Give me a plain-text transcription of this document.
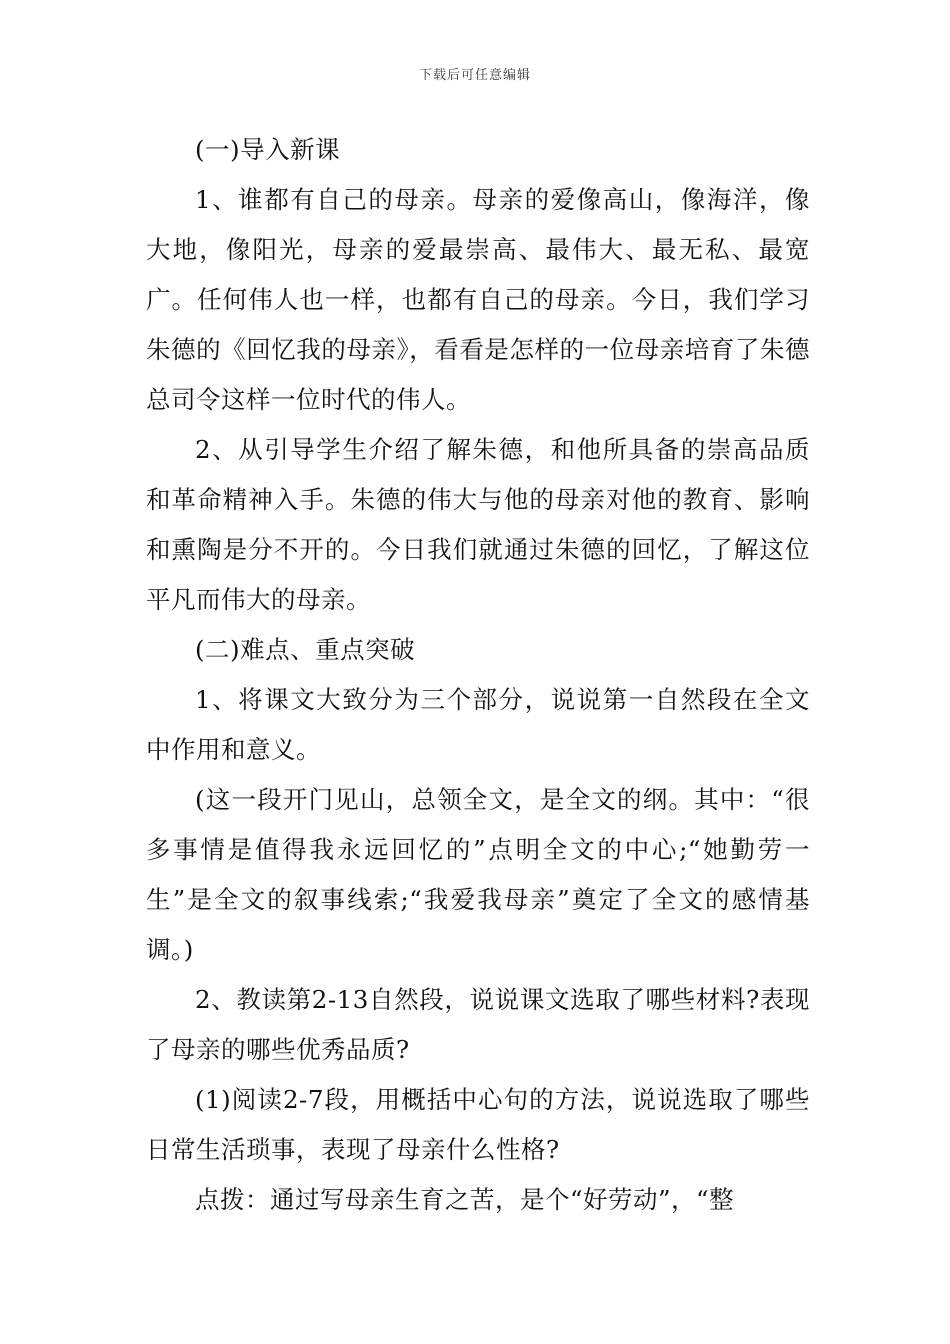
下载后可任意编辑

(一)导入新课

1、谁都有自己的母亲。母亲的爱像高山，像海洋，像大地，像阳光，母亲的爱最崇高、最伟大、最无私、最宽广。任何伟人也一样，也都有自己的母亲。今日，我们学习朱德的《回忆我的母亲》，看看是怎样的一位母亲培育了朱德总司令这样一位时代的伟人。

2、从引导学生介绍了解朱德，和他所具备的崇高品质和革命精神入手。朱德的伟大与他的母亲对他的教育、影响和熏陶是分不开的。今日我们就通过朱德的回忆，了解这位平凡而伟大的母亲。

(二)难点、重点突破

1、将课文大致分为三个部分，说说第一自然段在全文中作用和意义。

(这一段开门见山，总领全文，是全文的纲。其中：“很多事情是值得我永远回忆的”点明全文的中心;“她勤劳一生”是全文的叙事线索;“我爱我母亲”奠定了全文的感情基调。)

2、教读第2-13自然段，说说课文选取了哪些材料?表现了母亲的哪些优秀品质?

(1)阅读2-7段，用概括中心句的方法，说说选取了哪些日常生活琐事，表现了母亲什么性格?

点拨：通过写母亲生育之苦，是个“好劳动”，“整
